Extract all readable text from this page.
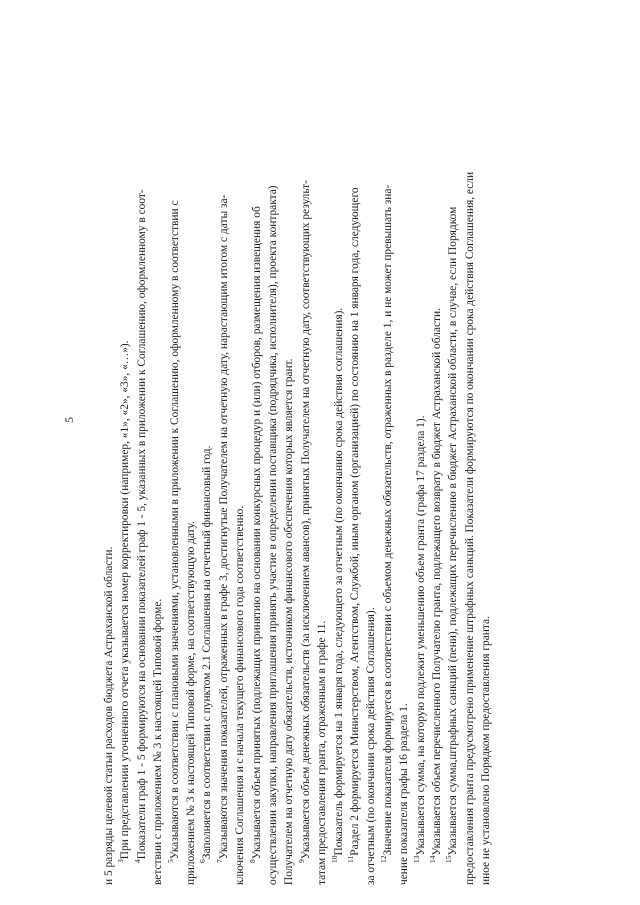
5
и 5 разряды целевой статьи расходов бюджета Астраханской области. $^3$При представлении уточненного отчета указывается номер корректировки (например, «1», «2», «3», «…»).
$^4$Показатели граф 1 - 5 формируются на основании показателей граф 1 - 5, указанных в приложении к Соглашению, оформленному в соот- ветствии с приложением № 3 к настоящей Типовой форме. $^5$Указываются в соответствии с плановыми значениями, установленными в приложении к Соглашению, оформленному в соответствии с приложением № 3 к настоящей Типовой форме, на соответствующую дату. $^6$Заполняется в соответствии с пунктом 2.1 Соглашения на отчетный финансовый год.
$^7$Указываются значения показателей, отраженных в графе 3, достигнутые Получателем на отчетную дату, нарастающим итогом с даты за- ключения Соглашения и с начала текущего финансового года соответственно. $^8$Указывается объем принятых (подлежащих принятию на основании конкурсных процедур и (или) отборов, размещения извещения об осуществлении закупки, направления приглашения принять участие в определении поставщика (подрядчика, исполнителя), проекта контракта) Получателем на отчетную дату обязательств, источником финансового обеспечения которых является грант. $^9$Указывается объем денежных обязательств (за исключением авансов), принятых Получателем на отчетную дату, соответствующих результ- татам предоставления гранта, отраженным в графе 11. $^{10}$Показатель формируется на 1 января года, следующего за отчетным (по окончанию срока действия соглашения).
$^{11}$Раздел 2 формируется Министерством, Агентством, Службой, иным органом (организацией) по состоянию на 1 января года, следующего за отчетным (по окончании срока действия Соглашения). $^{12}$Значение показателя формируется в соответствии с объемом денежных обязательств, отраженных в разделе 1, и не может превышать зна- чение показателя графы 16 раздела 1. $^{13}$Указывается сумма, на которую подлежит уменьшению объем гранта (графа 17 раздела 1).
$^{14}$Указывается объем перечисленного Получателю гранта, подлежащего возврату в бюджет Астраханской области.
$^{15}$Указывается сумма штрафных санкций (пени), подлежащих перечислению в бюджет Астраханской области, в случае, если Порядком предоставления гранта предусмотрено применение штрафных санкций. Показатели формируются по окончании срока действия Соглашения, если иное не установлено Порядком предоставления гранта.
